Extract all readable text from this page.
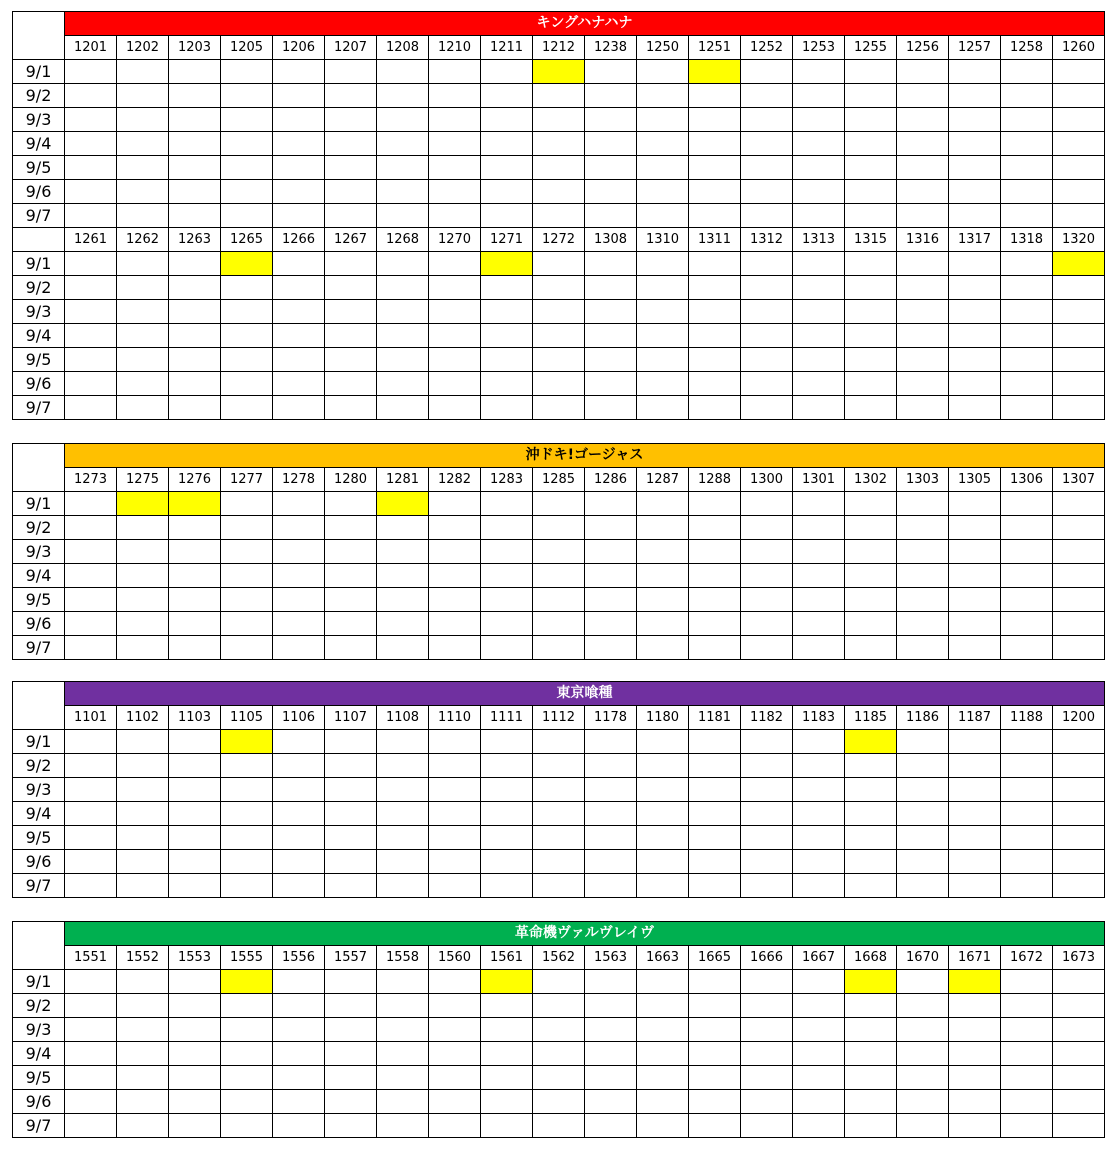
	キングハナハナ																			
	1201	1202	1203	1205	1206	1207	1208	1210	1211	1212	1238	1250	1251	1252	1253	1255	1256	1257	1258	1260
9/1																				
9/2																				
9/3																				
9/4																				
9/5																				
9/6																				
9/7																				
	1261	1262	1263	1265	1266	1267	1268	1270	1271	1272	1308	1310	1311	1312	1313	1315	1316	1317	1318	1320
9/1																				
9/2																				
9/3																				
9/4																				
9/5																				
9/6																				
9/7																				
	沖ドキ!ゴージャス																			
	1273	1275	1276	1277	1278	1280	1281	1282	1283	1285	1286	1287	1288	1300	1301	1302	1303	1305	1306	1307
9/1																				
9/2																				
9/3																				
9/4																				
9/5																				
9/6																				
9/7																				
	東京喰種																			
	1101	1102	1103	1105	1106	1107	1108	1110	1111	1112	1178	1180	1181	1182	1183	1185	1186	1187	1188	1200
9/1																				
9/2																				
9/3																				
9/4																				
9/5																				
9/6																				
9/7																				
	革命機ヴァルヴレイヴ																			
	1551	1552	1553	1555	1556	1557	1558	1560	1561	1562	1563	1663	1665	1666	1667	1668	1670	1671	1672	1673
9/1																				
9/2																				
9/3																				
9/4																				
9/5																				
9/6																				
9/7																				
